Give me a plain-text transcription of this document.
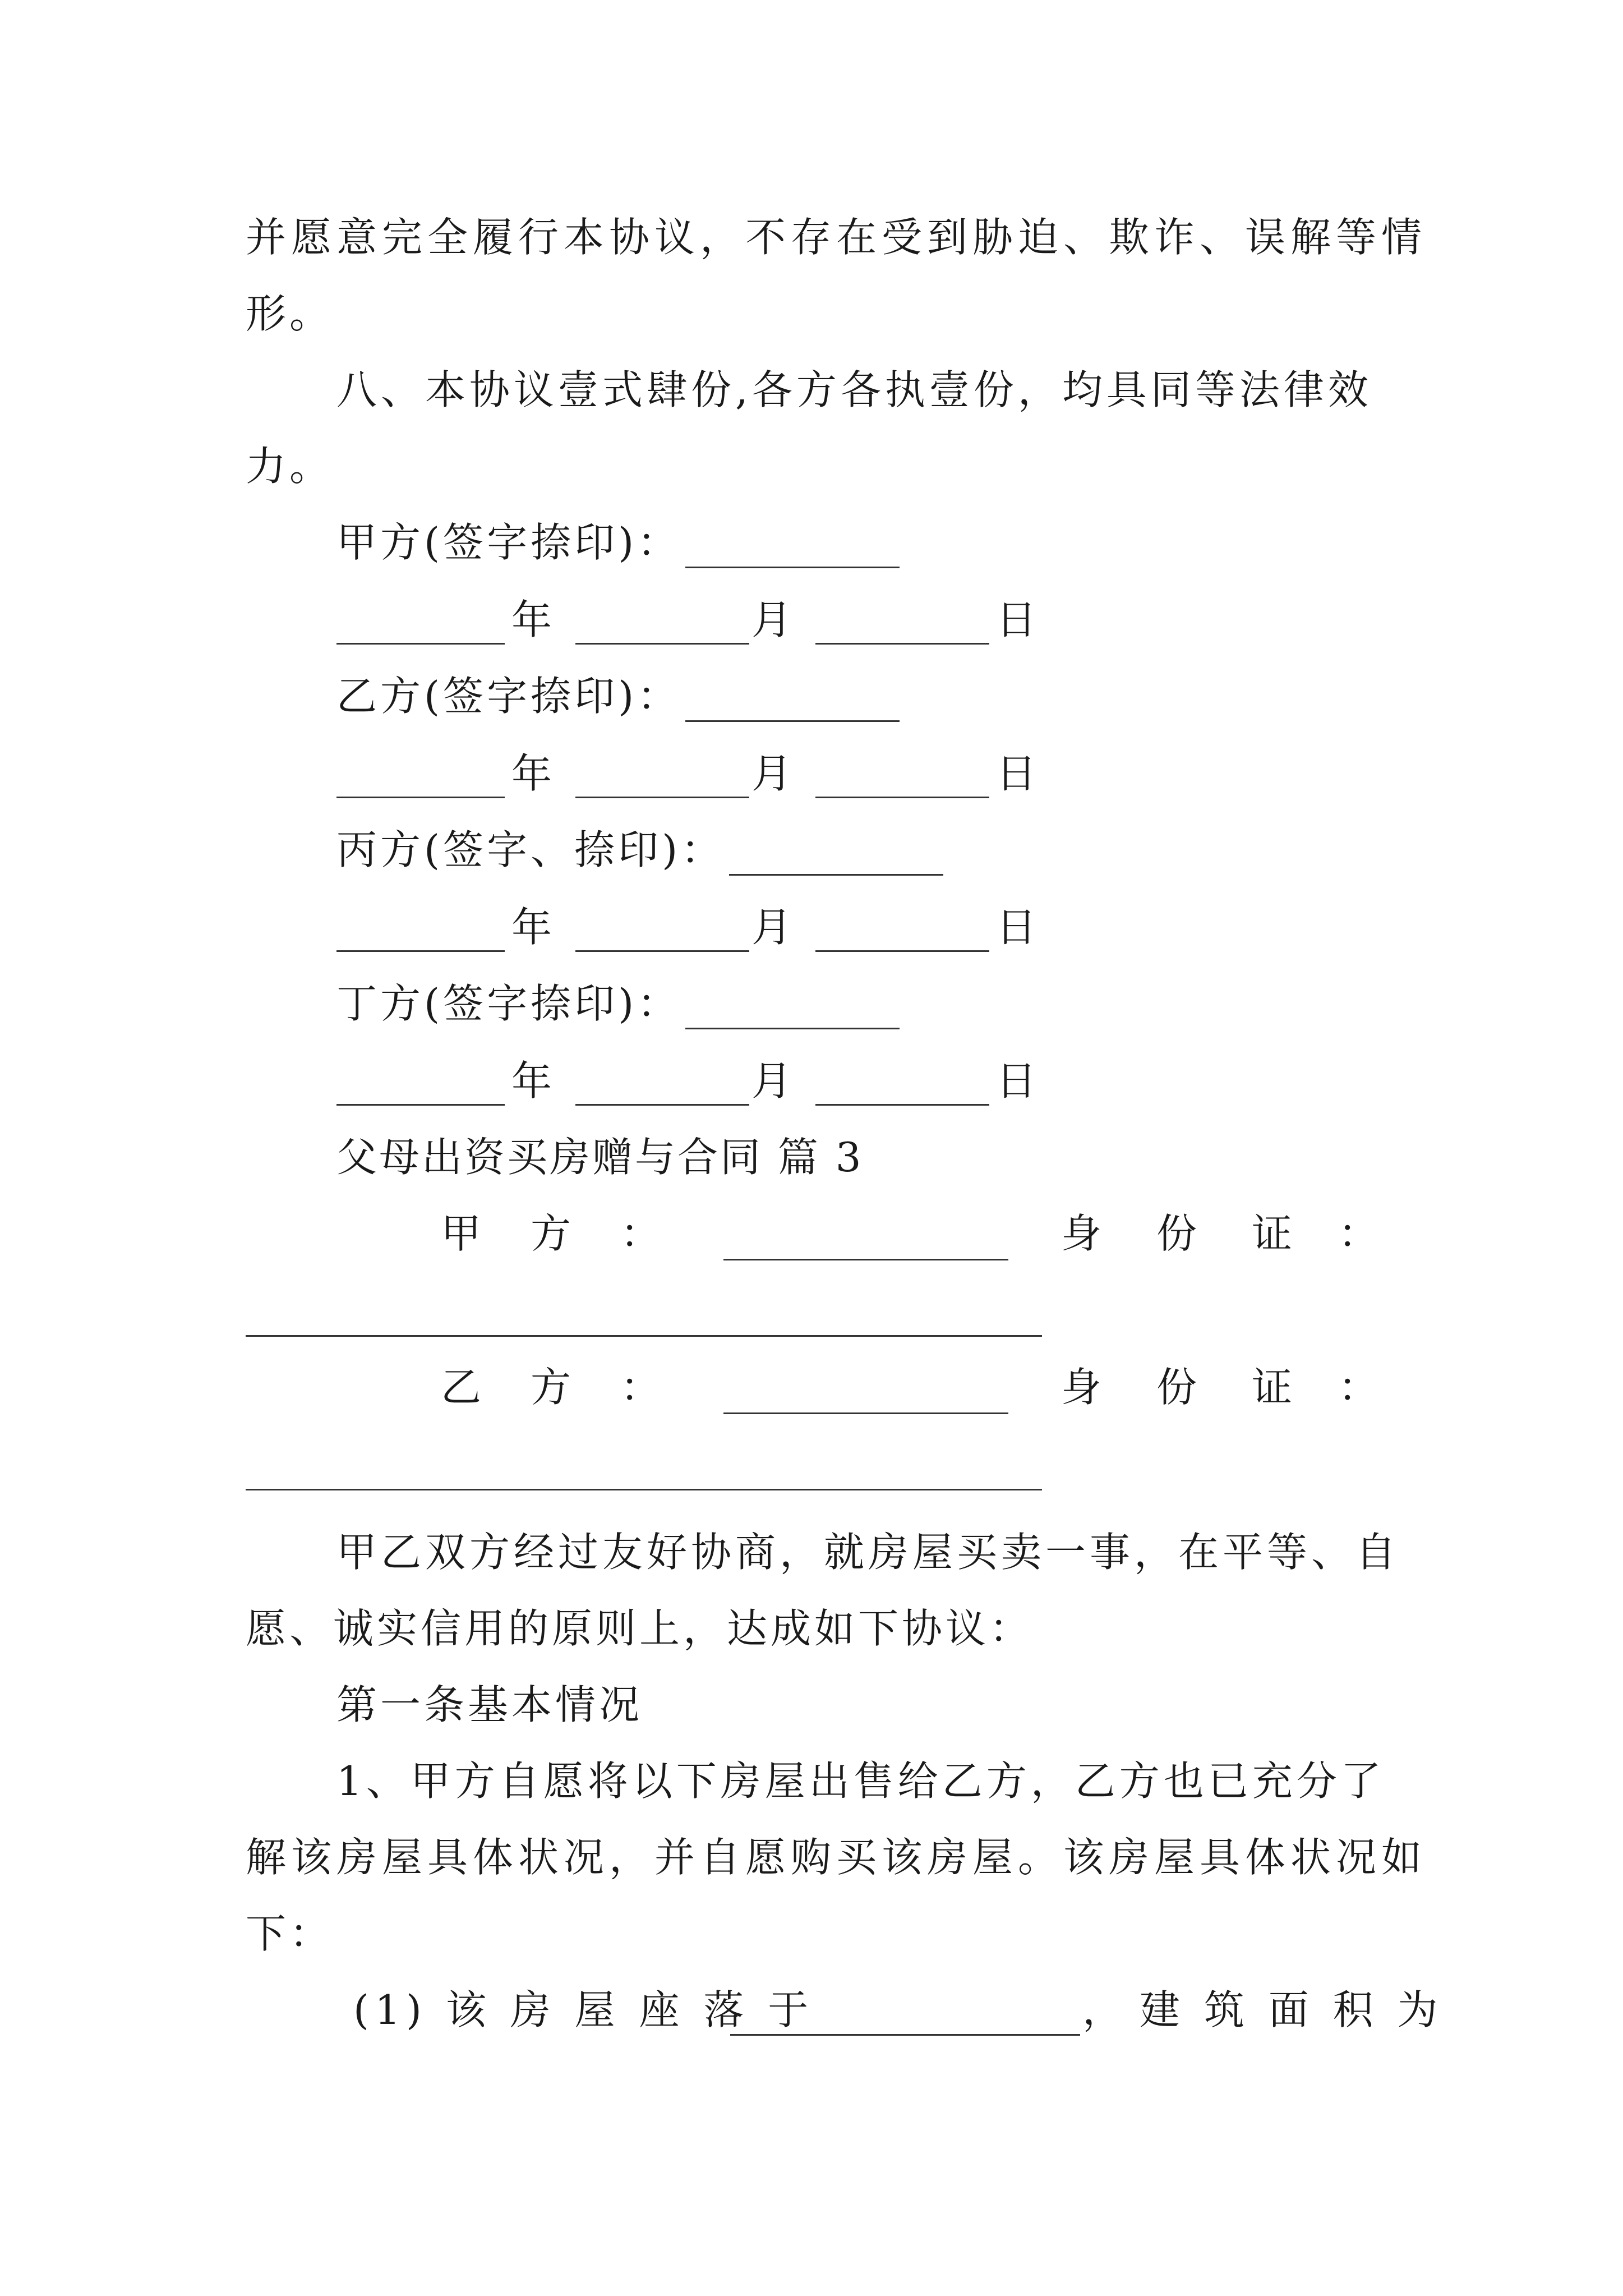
并愿意完全履行本协议，不存在受到胁迫、欺诈、误解等情
形。
八、本协议壹式肆份,各方各执壹份，均具同等法律效
力。
甲方(签字捺印)：
年	月	日
乙方(签字捺印)：
年	月	日
丙方(签字、捺印)：
年	月	日
丁方(签字捺印)：
年	月	日
父母出资买房赠与合同 篇 3
甲 方 ：	身 份 证 ：
乙 方 ：	身 份 证 ：
甲乙双方经过友好协商，就房屋买卖一事，在平等、自
愿、诚实信用的原则上，达成如下协议：
第一条基本情况
1、甲方自愿将以下房屋出售给乙方，乙方也已充分了
解该房屋具体状况，并自愿购买该房屋。该房屋具体状况如
下：
(1) 该 房 屋 座 落 于	， 建 筑 面 积 为
